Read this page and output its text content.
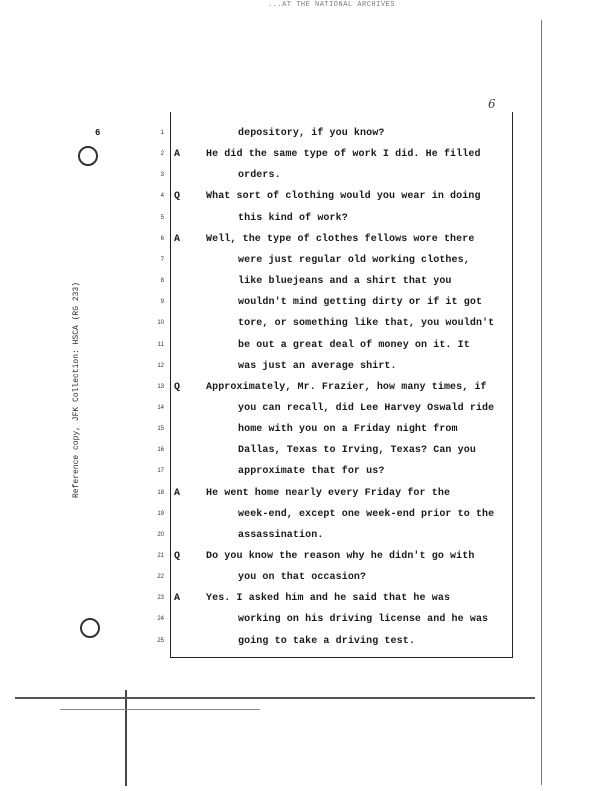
...AT THE NATIONAL ARCHIVES
6
6
Reference copy, JFK Collection: HSCA (RG 233)
1	depository, if you know?
2 A	He did the same type of work I did. He filled
3	orders.
4 Q	What sort of clothing would you wear in doing
5	this kind of work?
6 A	Well, the type of clothes fellows wore there
7	were just regular old working clothes,
8	like bluejeans and a shirt that you
9	wouldn't mind getting dirty or if it got
10	tore, or something like that, you wouldn't
11	be out a great deal of money on it. It
12	was just an average shirt.
13 Q	Approximately, Mr. Frazier, how many times, if
14	you can recall, did Lee Harvey Oswald ride
15	home with you on a Friday night from
16	Dallas, Texas to Irving, Texas? Can you
17	approximate that for us?
18 A	He went home nearly every Friday for the
19	week-end, except one week-end prior to the
20	assassination.
21 Q	Do you know the reason why he didn't go with
22	you on that occasion?
23 A	Yes. I asked him and he said that he was
24	working on his driving license and he was
25	going to take a driving test.
